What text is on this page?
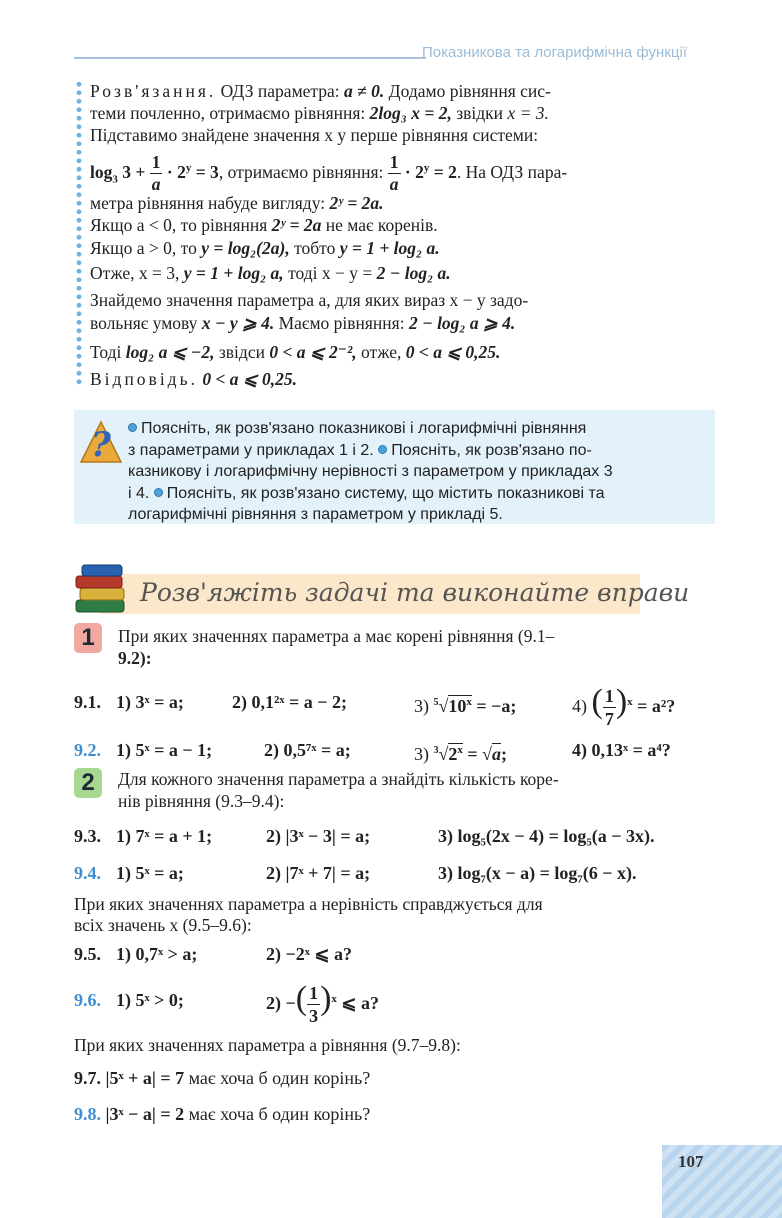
Показникова та логарифмічна функції
Розв'язання. ОДЗ параметра: a ≠ 0. Додамо рівняння сис-
теми почленно, отримаємо рівняння: 2log₃ x = 2, звідки x = 3.
Підставимо знайдене значення x у перше рівняння системи:
$\log_3 3 + \frac{1}{a} \cdot 2^y = 3$, отримаємо рівняння: $\frac{1}{a} \cdot 2^y = 2$. На ОДЗ пара-
метра рівняння набуде вигляду: 2ʸ = 2a.
Якщо a < 0, то рівняння 2ʸ = 2a не має коренів.
Якщо a > 0, то y = log₂(2a), тобто y = 1 + log₂ a.
Отже, x = 3, y = 1 + log₂ a, тоді x − y = 2 − log₂ a.
Знайдемо значення параметра a, для яких вираз x − y задо-
вольняє умову x − y ⩾ 4. Маємо рівняння: 2 − log₂ a ⩾ 4.
Тоді log₂ a ⩽ −2, звідси 0 < a ⩽ 2⁻², отже, 0 < a ⩽ 0,25.
Відповідь. 0 < a ⩽ 0,25.
?	Поясніть, як розв'язано показникові і логарифмічні рівняння
з параметрами у прикладах 1 і 2. Поясніть, як розв'язано по-
казникову і логарифмічну нерівності з параметром у прикладах 3
і 4. Поясніть, як розв'язано систему, що містить показникові та
логарифмічні рівняння з параметром у прикладі 5.
Розв'яжіть задачі та виконайте вправи
1	При яких значеннях параметра a має корені рівняння (9.1–
9.2):
9.1. 1) 3ˣ = a;	2) 0,1²ˣ = a − 2;	3) $^5√10^x = -a$;	4) ( $\frac{1}{7} )^x = a^2$?
9.2. 1) 5ˣ = a − 1;	2) 0,5⁷ˣ = a;	3) $^3√2^x = √a$;	4) 0,13ˣ = a⁴?
2	Для кожного значення параметра a знайдіть кількість коре-
нів рівняння (9.3–9.4):
9.3. 1) 7ˣ = a + 1;	2) |3ˣ − 3| = a;	3) log₅(2x − 4) = log₅(a − 3x).
9.4. 1) 5ˣ = a;	2) |7ˣ + 7| = a;	3) log₇(x − a) = log₇(6 − x).
При яких значеннях параметра a нерівність справджується для
всіх значень x (9.5–9.6):
9.5. 1) 0,7ˣ > a;	2) −2ˣ ⩽ a?
9.6. 1) 5ˣ > 0;	2) −( $\frac{1}{3} )^x$ ⩽ a?
При яких значеннях параметра a рівняння (9.7–9.8):
9.7. |5ˣ + a| = 7 має хоча б один корінь?
9.8. |3ˣ − a| = 2 має хоча б один корінь?
107
